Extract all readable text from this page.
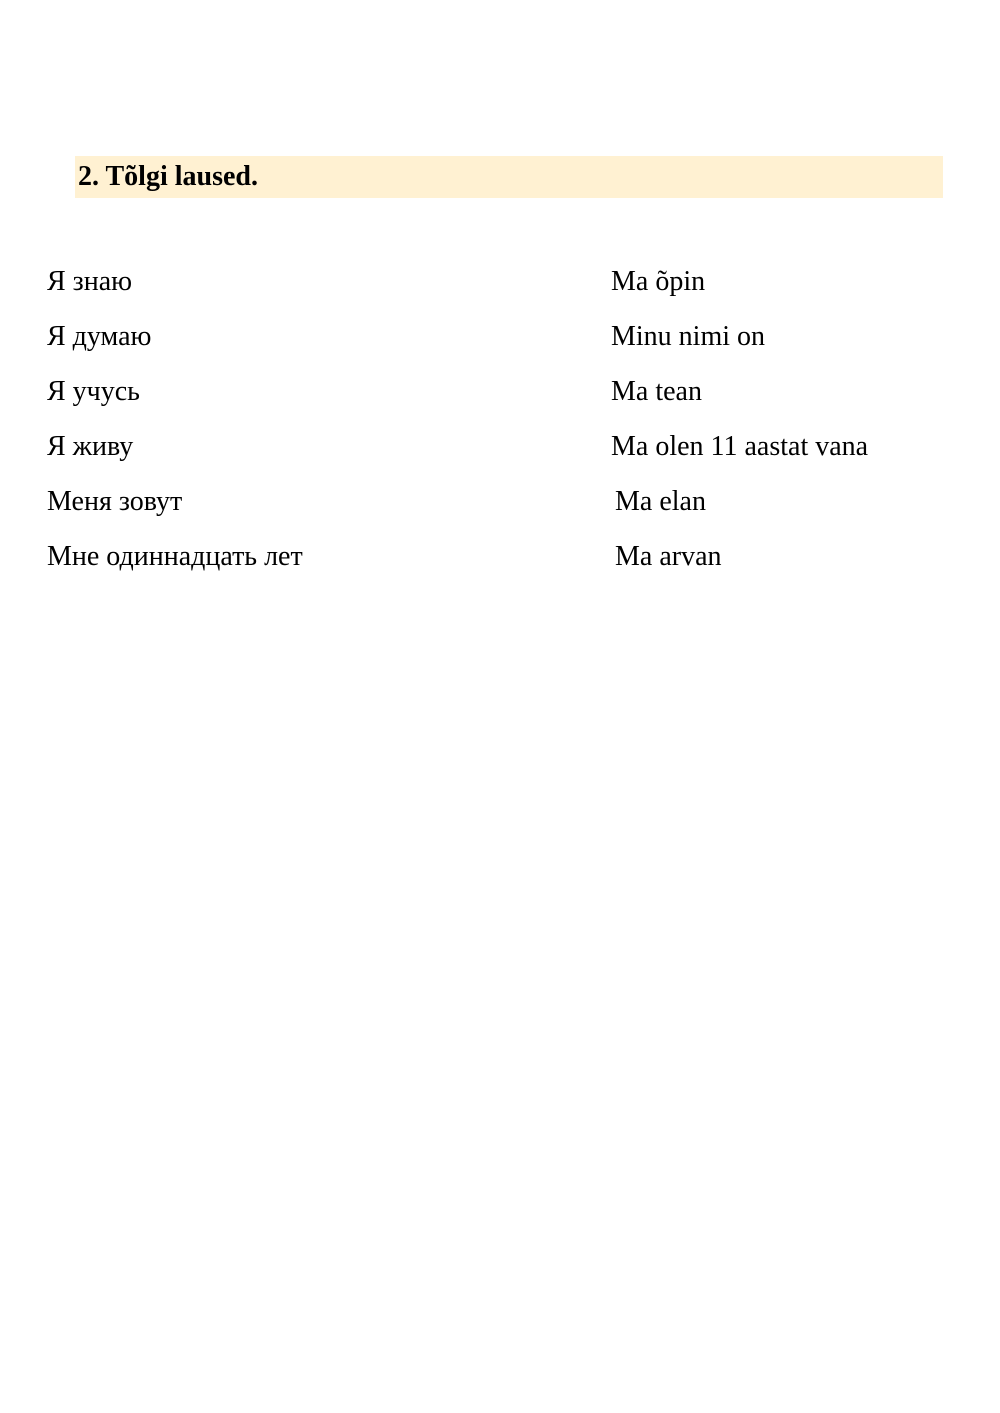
2. Tõlgi laused.
Я знаю
Я думаю
Я учусь
Я живу
Меня зовут
Мне одиннадцать лет
Ma õpin
Minu nimi on
Ma tean
Ma olen 11 aastat vana
Ma elan
Ma arvan
